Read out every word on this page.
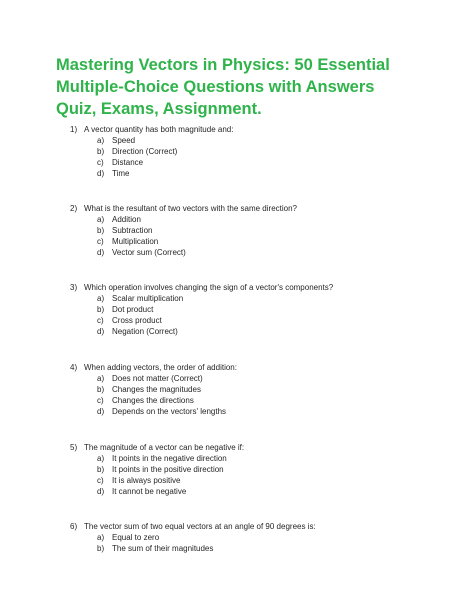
Mastering Vectors in Physics: 50 Essential Multiple-Choice Questions with Answers Quiz, Exams, Assignment.
1) A vector quantity has both magnitude and:
a) Speed
b) Direction (Correct)
c) Distance
d) Time
2) What is the resultant of two vectors with the same direction?
a) Addition
b) Subtraction
c) Multiplication
d) Vector sum (Correct)
3) Which operation involves changing the sign of a vector's components?
a) Scalar multiplication
b) Dot product
c) Cross product
d) Negation (Correct)
4) When adding vectors, the order of addition:
a) Does not matter (Correct)
b) Changes the magnitudes
c) Changes the directions
d) Depends on the vectors' lengths
5) The magnitude of a vector can be negative if:
a) It points in the negative direction
b) It points in the positive direction
c) It is always positive
d) It cannot be negative
6) The vector sum of two equal vectors at an angle of 90 degrees is:
a) Equal to zero
b) The sum of their magnitudes
